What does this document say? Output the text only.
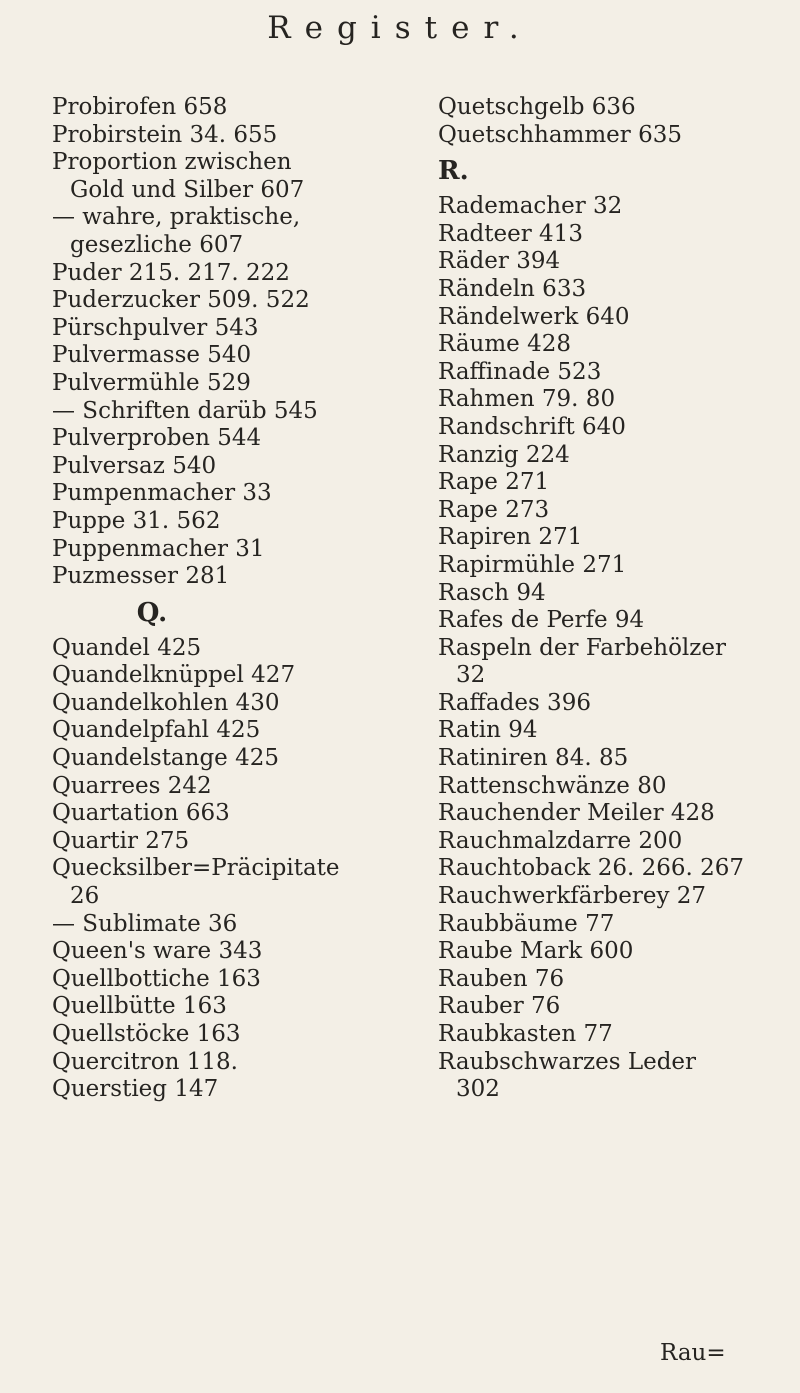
Register.
Probirofen 658
Probirstein 34. 655
Proportion zwischen
Gold und Silber 607
— wahre, praktische,
gesezliche 607
Puder 215. 217. 222
Puderzucker 509. 522
Pürschpulver 543
Pulvermasse 540
Pulvermühle 529
— Schriften darüb 545
Pulverproben 544
Pulversaz 540
Pumpenmacher 33
Puppe 31. 562
Puppenmacher 31
Puzmesser 281
Q.
Quandel 425
Quandelknüppel 427
Quandelkohlen 430
Quandelpfahl 425
Quandelstange 425
Quarrees 242
Quartation 663
Quartir 275
Quecksilber=Präcipitate
26
— Sublimate 36
Queen's ware 343
Quellbottiche 163
Quellbütte 163
Quellstöcke 163
Quercitron 118.
Querstieg 147
Quetschgelb 636
Quetschhammer 635
R.
Rademacher 32
Radteer 413
Räder 394
Rändeln 633
Rändelwerk 640
Räume 428
Raffinade 523
Rahmen 79. 80
Randschrift 640
Ranzig 224
Rape 271
Rape 273
Rapiren 271
Rapirmühle 271
Rasch 94
Rafes de Perfe 94
Raspeln der Farbehölzer
32
Raffades 396
Ratin 94
Ratiniren 84. 85
Rattenschwänze 80
Rauchender Meiler 428
Rauchmalzdarre 200
Rauchtoback 26. 266. 267
Rauchwerkfärberey 27
Raubbäume 77
Raube Mark 600
Rauben 76
Rauber 76
Raubkasten 77
Raubschwarzes Leder
302
Rau=
